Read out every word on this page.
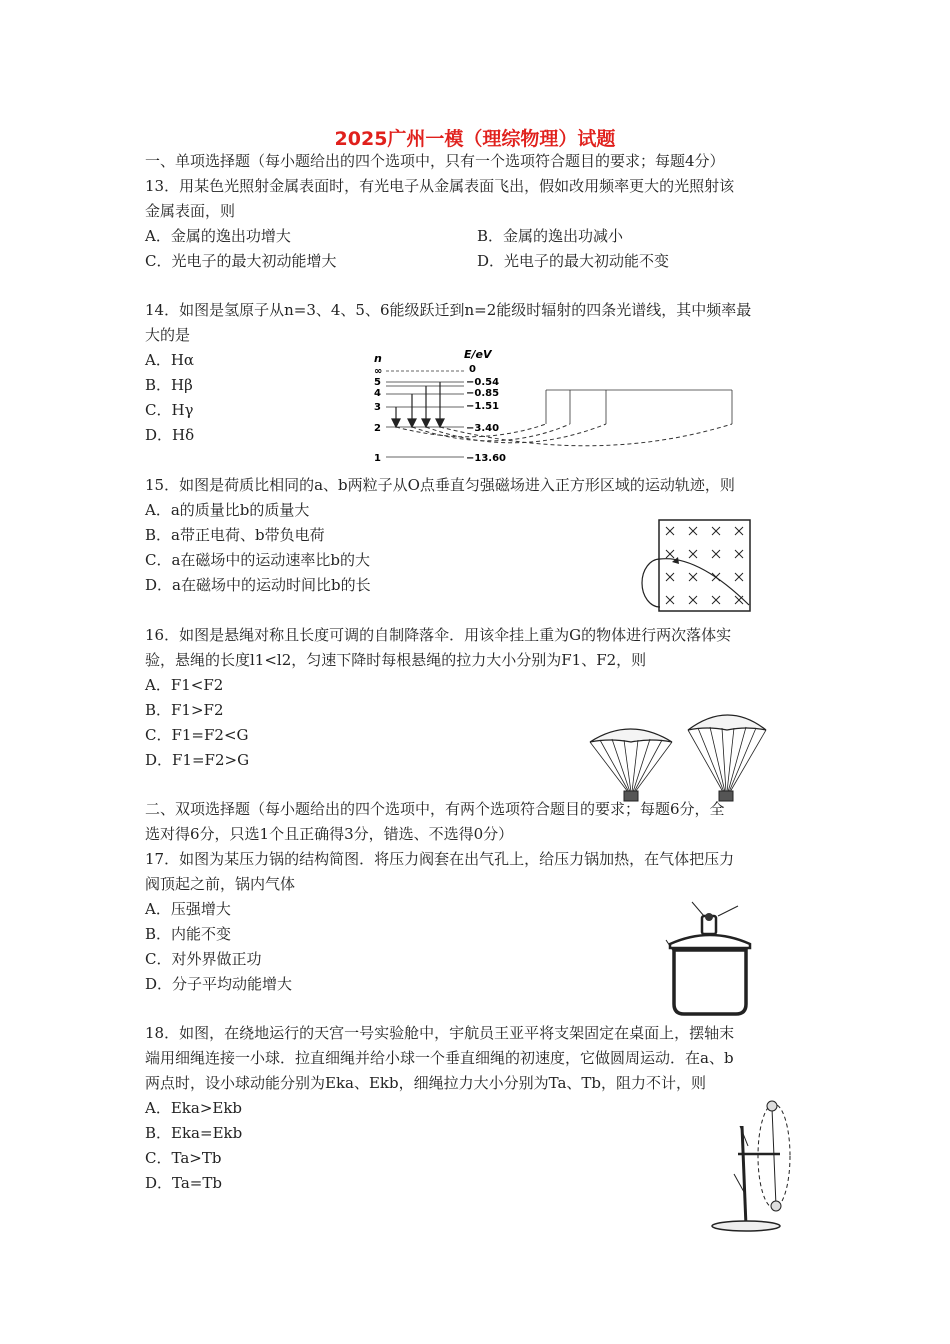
2025广州一模（理综物理）试题
一、单项选择题（每小题给出的四个选项中，只有一个选项符合题目的要求；每题4分）
13．用某色光照射金属表面时，有光电子从金属表面飞出，假如改用频率更大的光照射该
金属表面，则
A．金属的逸出功增大	B．金属的逸出功减小
C．光电子的最大初动能增大	D．光电子的最大初动能不变
14．如图是氢原子从n=3、4、5、6能级跃迁到n=2能级时辐射的四条光谱线，其中频率最
大的是
A．Hα
B．Hβ
C．Hγ
D．Hδ
n	E/eV
∞
5
4
3
2
1
0
−0.54
−0.85
−1.51
−3.40
−13.60
15．如图是荷质比相同的a、b两粒子从O点垂直匀强磁场进入正方形区域的运动轨迹，则
A．a的质量比b的质量大
B．a带正电荷、b带负电荷
C．a在磁场中的运动速率比b的大
D．a在磁场中的运动时间比b的长
16．如图是悬绳对称且长度可调的自制降落伞．用该伞挂上重为G的物体进行两次落体实
验，悬绳的长度l1<l2，匀速下降时每根悬绳的拉力大小分别为F1、F2，则
A．F1<F2
B．F1>F2
C．F1=F2<G
D．F1=F2>G
二、双项选择题（每小题给出的四个选项中，有两个选项符合题目的要求；每题6分，全
选对得6分，只选1个且正确得3分，错选、不选得0分）
17．如图为某压力锅的结构简图．将压力阀套在出气孔上，给压力锅加热，在气体把压力
阀顶起之前，锅内气体
A．压强增大
B．内能不变
C．对外界做正功
D．分子平均动能增大
18．如图，在绕地运行的天宫一号实验舱中，宇航员王亚平将支架固定在桌面上，摆轴末
端用细绳连接一小球．拉直细绳并给小球一个垂直细绳的初速度，它做圆周运动．在a、b
两点时，设小球动能分别为Eka、Ekb，细绳拉力大小分别为Ta、Tb，阻力不计，则
A．Eka>Ekb
B．Eka=Ekb
C．Ta>Tb
D．Ta=Tb
